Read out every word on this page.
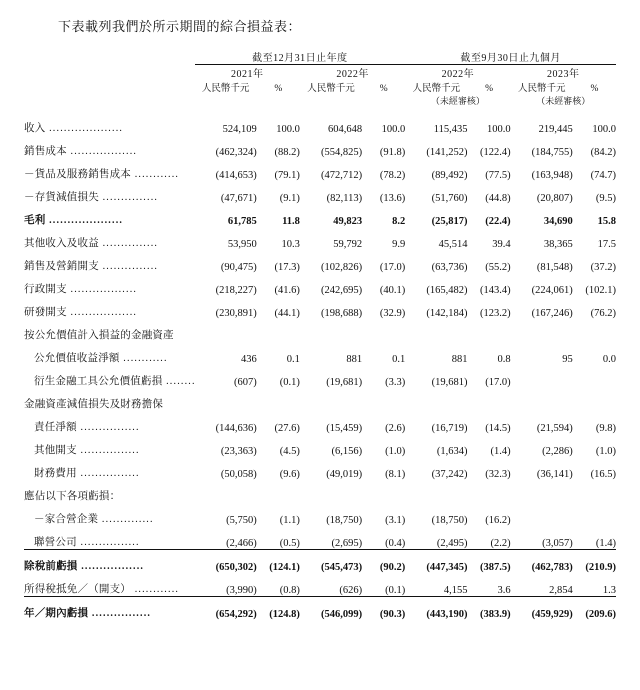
下表載列我們於所示期間的綜合損益表：

	截至12月31日止年度				截至9月30日止九個月			
	2021年		2022年		2022年		2023年	
	人民幣千元	%	人民幣千元	%	人民幣千元	%	人民幣千元	%
					（未經審核）		（未經審核）	

收入 ....................	524,109	100.0	604,648	100.0	115,435	100.0	219,445	100.0
銷售成本 ..................	(462,324)	(88.2)	(554,825)	(91.8)	(141,252)	(122.4)	(184,755)	(84.2)
－貨品及服務銷售成本 ............	(414,653)	(79.1)	(472,712)	(78.2)	(89,492)	(77.5)	(163,948)	(74.7)
－存貨減值損失 ...............	(47,671)	(9.1)	(82,113)	(13.6)	(51,760)	(44.8)	(20,807)	(9.5)
毛利 ....................	61,785	11.8	49,823	8.2	(25,817)	(22.4)	34,690	15.8
其他收入及收益 ...............	53,950	10.3	59,792	9.9	45,514	39.4	38,365	17.5
銷售及營銷開支 ...............	(90,475)	(17.3)	(102,826)	(17.0)	(63,736)	(55.2)	(81,548)	(37.2)
行政開支 ..................	(218,227)	(41.6)	(242,695)	(40.1)	(165,482)	(143.4)	(224,061)	(102.1)
研發開支 ..................	(230,891)	(44.1)	(198,688)	(32.9)	(142,184)	(123.2)	(167,246)	(76.2)
按公允價值計入損益的金融資產								
公允價值收益淨額 ............	436	0.1	881	0.1	881	0.8	95	0.0
衍生金融工具公允價值虧損 ........	(607)	(0.1)	(19,681)	(3.3)	(19,681)	(17.0)		
金融資產減值損失及財務擔保								
責任淨額 ................	(144,636)	(27.6)	(15,459)	(2.6)	(16,719)	(14.5)	(21,594)	(9.8)
其他開支 ................	(23,363)	(4.5)	(6,156)	(1.0)	(1,634)	(1.4)	(2,286)	(1.0)
財務費用 ................	(50,058)	(9.6)	(49,019)	(8.1)	(37,242)	(32.3)	(36,141)	(16.5)
應佔以下各項虧損：								
－家合營企業 ..............	(5,750)	(1.1)	(18,750)	(3.1)	(18,750)	(16.2)		
聯營公司 ................	(2,466)	(0.5)	(2,695)	(0.4)	(2,495)	(2.2)	(3,057)	(1.4)
除稅前虧損 .................	(650,302)	(124.1)	(545,473)	(90.2)	(447,345)	(387.5)	(462,783)	(210.9)
所得稅抵免／（開支） ............	(3,990)	(0.8)	(626)	(0.1)	4,155	3.6	2,854	1.3
年／期內虧損 ................	(654,292)	(124.8)	(546,099)	(90.3)	(443,190)	(383.9)	(459,929)	(209.6)
